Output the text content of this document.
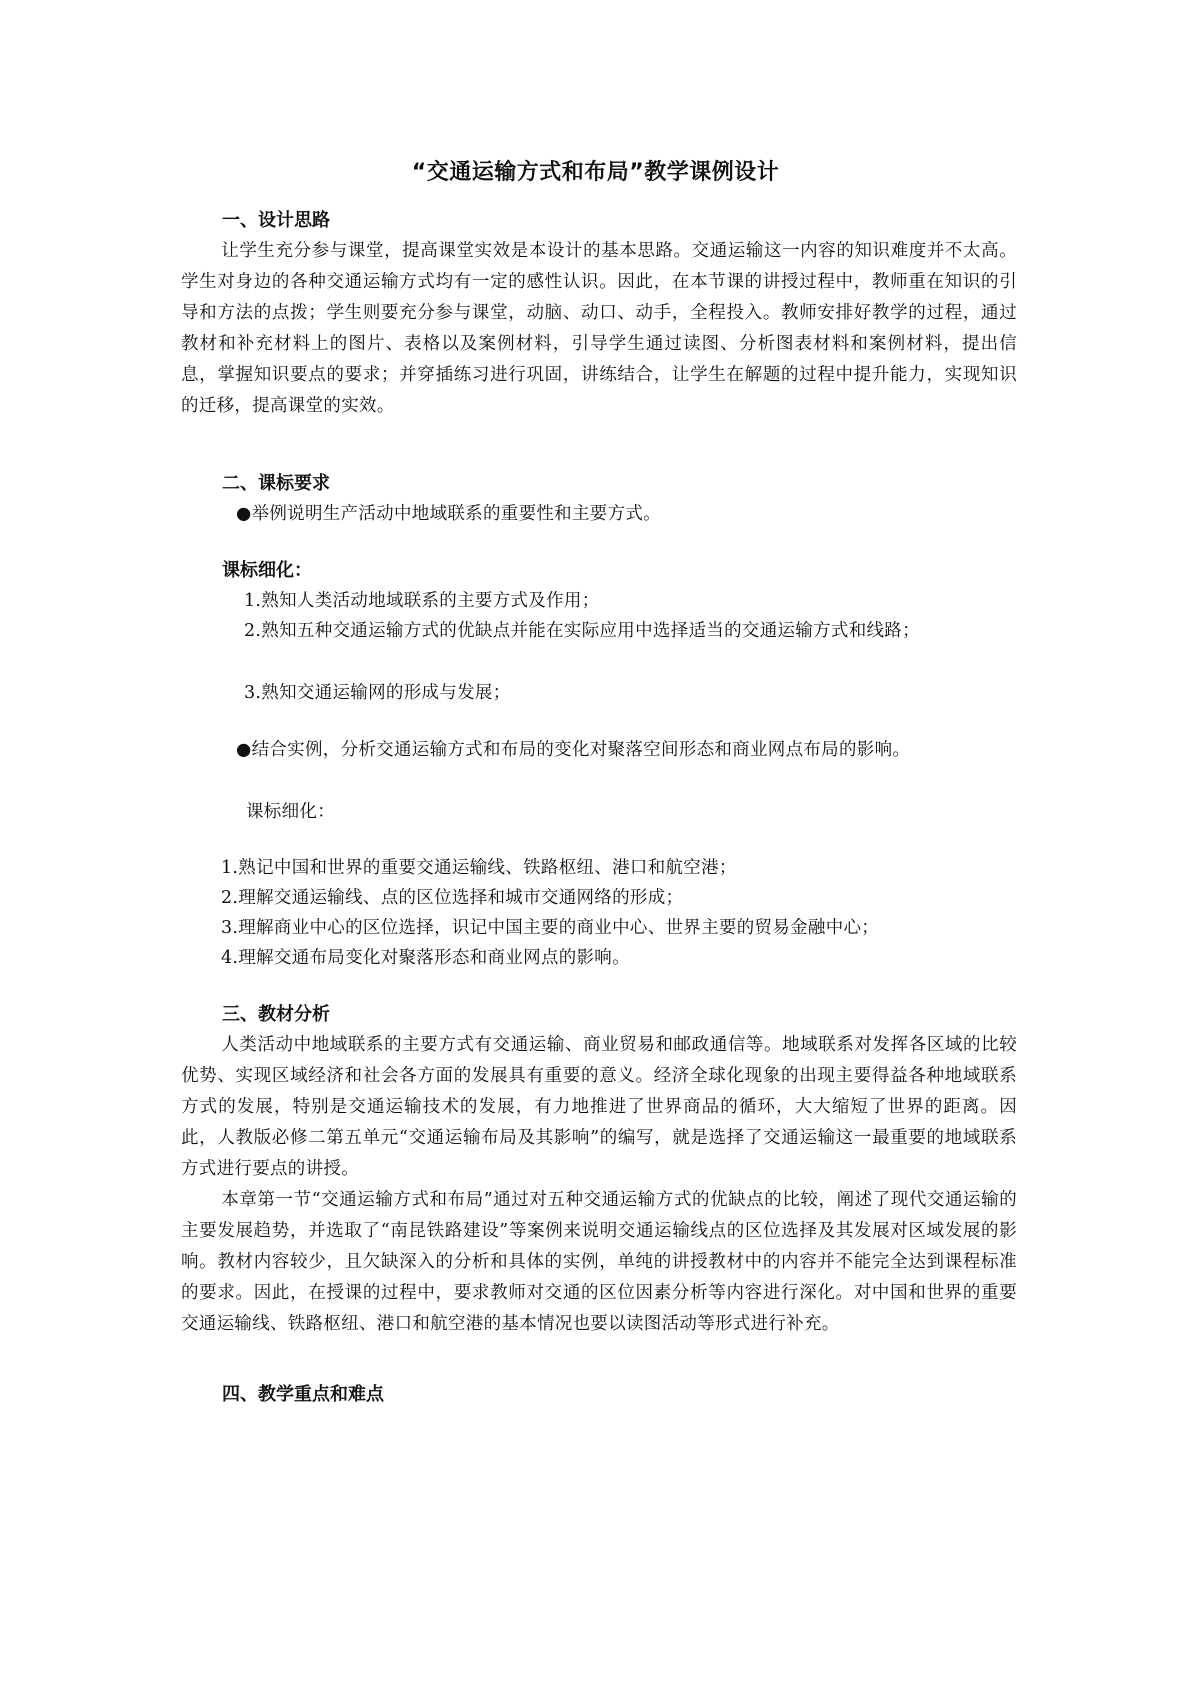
“交通运输方式和布局”教学课例设计
一、设计思路
让学生充分参与课堂，提高课堂实效是本设计的基本思路。交通运输这一内容的知识难度并不太高。学生对身边的各种交通运输方式均有一定的感性认识。因此，在本节课的讲授过程中，教师重在知识的引导和方法的点拨；学生则要充分参与课堂，动脑、动口、动手，全程投入。教师安排好教学的过程，通过教材和补充材料上的图片、表格以及案例材料，引导学生通过读图、分析图表材料和案例材料，提出信息，掌握知识要点的要求；并穿插练习进行巩固，讲练结合，让学生在解题的过程中提升能力，实现知识的迁移，提高课堂的实效。
二、课标要求
●举例说明生产活动中地域联系的重要性和主要方式。
课标细化：
1.熟知人类活动地域联系的主要方式及作用；
2.熟知五种交通运输方式的优缺点并能在实际应用中选择适当的交通运输方式和线路；
3.熟知交通运输网的形成与发展；
●结合实例，分析交通运输方式和布局的变化对聚落空间形态和商业网点布局的影响。
课标细化：
1.熟记中国和世界的重要交通运输线、铁路枢纽、港口和航空港；
2.理解交通运输线、点的区位选择和城市交通网络的形成；
3.理解商业中心的区位选择，识记中国主要的商业中心、世界主要的贸易金融中心；
4.理解交通布局变化对聚落形态和商业网点的影响。
三、教材分析
人类活动中地域联系的主要方式有交通运输、商业贸易和邮政通信等。地域联系对发挥各区域的比较优势、实现区域经济和社会各方面的发展具有重要的意义。经济全球化现象的出现主要得益各种地域联系方式的发展，特别是交通运输技术的发展，有力地推进了世界商品的循环，大大缩短了世界的距离。因此，人教版必修二第五单元“交通运输布局及其影响”的编写，就是选择了交通运输这一最重要的地域联系方式进行要点的讲授。
本章第一节“交通运输方式和布局”通过对五种交通运输方式的优缺点的比较，阐述了现代交通运输的主要发展趋势，并选取了“南昆铁路建设”等案例来说明交通运输线点的区位选择及其发展对区域发展的影响。教材内容较少，且欠缺深入的分析和具体的实例，单纯的讲授教材中的内容并不能完全达到课程标准的要求。因此，在授课的过程中，要求教师对交通的区位因素分析等内容进行深化。对中国和世界的重要交通运输线、铁路枢纽、港口和航空港的基本情况也要以读图活动等形式进行补充。
四、教学重点和难点
